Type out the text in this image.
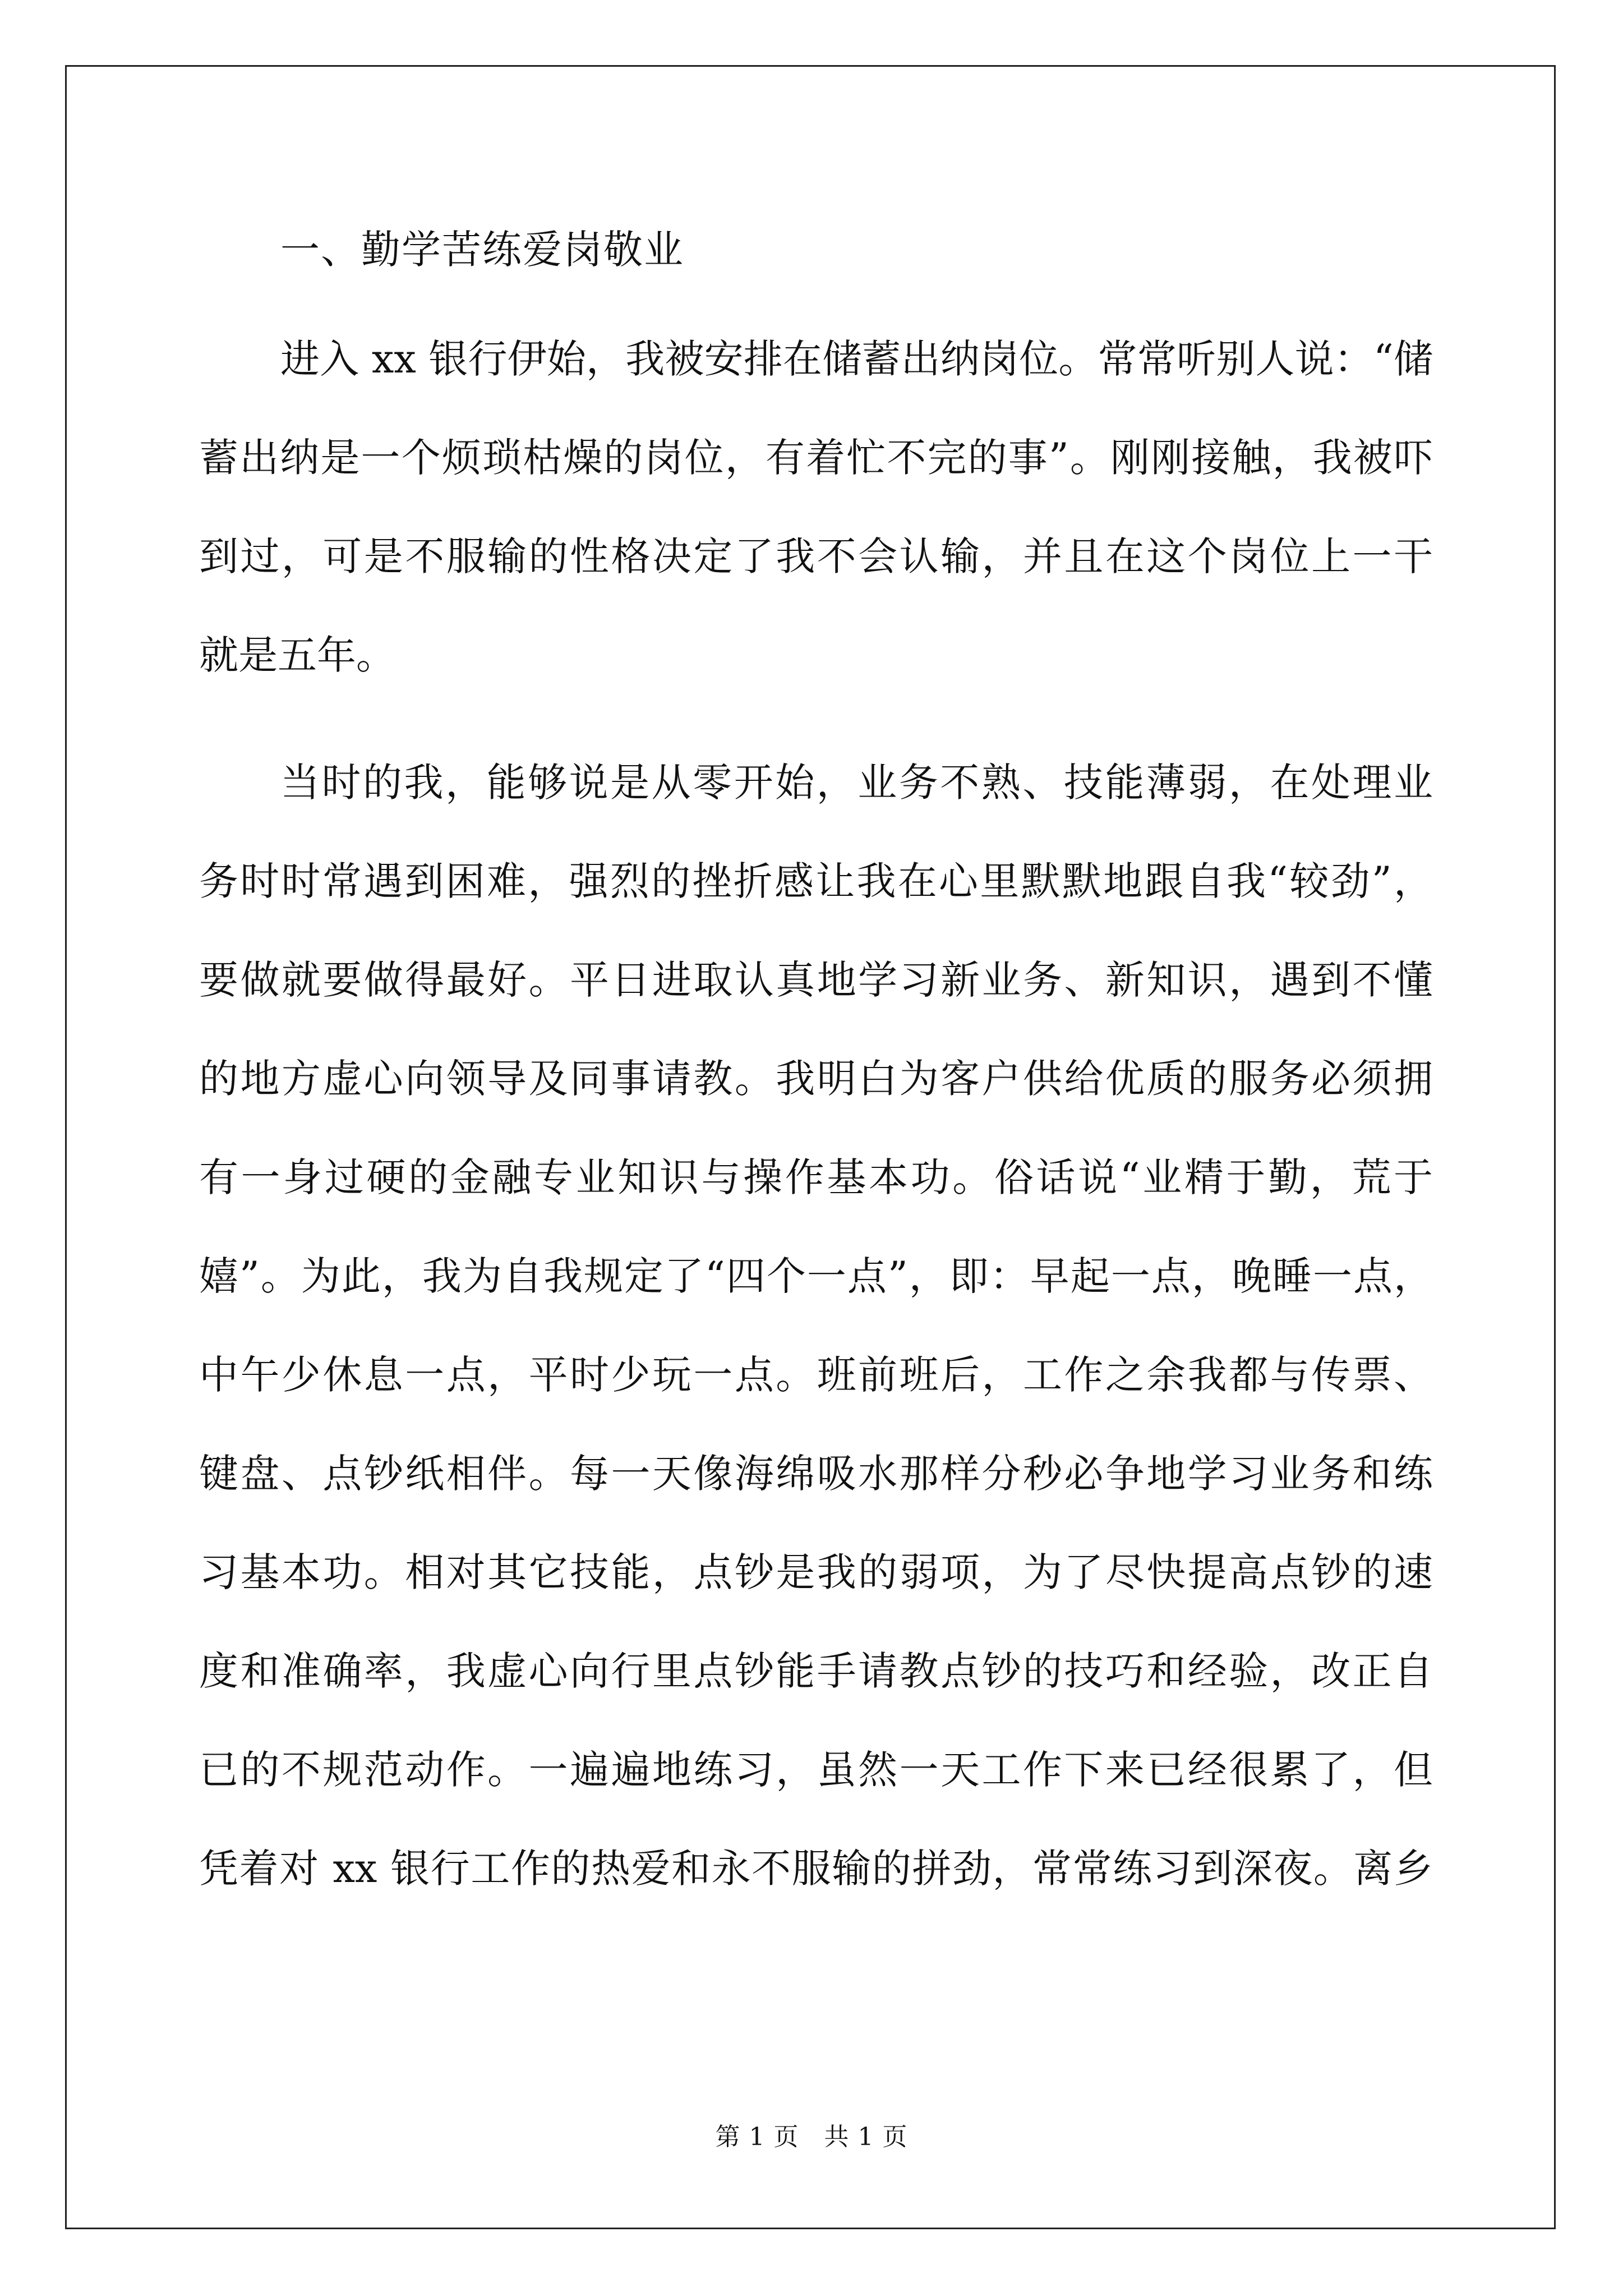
一、勤学苦练爱岗敬业
进入 xx 银行伊始，我被安排在储蓄出纳岗位。常常听别人说：“储
蓄出纳是一个烦琐枯燥的岗位，有着忙不完的事”。刚刚接触，我被吓
到过，可是不服输的性格决定了我不会认输，并且在这个岗位上一干
就是五年。
当时的我，能够说是从零开始，业务不熟、技能薄弱，在处理业
务时时常遇到困难，强烈的挫折感让我在心里默默地跟自我“较劲”，
要做就要做得最好。平日进取认真地学习新业务、新知识，遇到不懂
的地方虚心向领导及同事请教。我明白为客户供给优质的服务必须拥
有一身过硬的金融专业知识与操作基本功。俗话说“业精于勤，荒于
嬉”。为此，我为自我规定了“四个一点”，即：早起一点，晚睡一点，
中午少休息一点，平时少玩一点。班前班后，工作之余我都与传票、
键盘、点钞纸相伴。每一天像海绵吸水那样分秒必争地学习业务和练
习基本功。相对其它技能，点钞是我的弱项，为了尽快提高点钞的速
度和准确率，我虚心向行里点钞能手请教点钞的技巧和经验，改正自
已的不规范动作。一遍遍地练习，虽然一天工作下来已经很累了，但
凭着对 xx 银行工作的热爱和永不服输的拼劲，常常练习到深夜。离乡
第 1 页　共 1 页
